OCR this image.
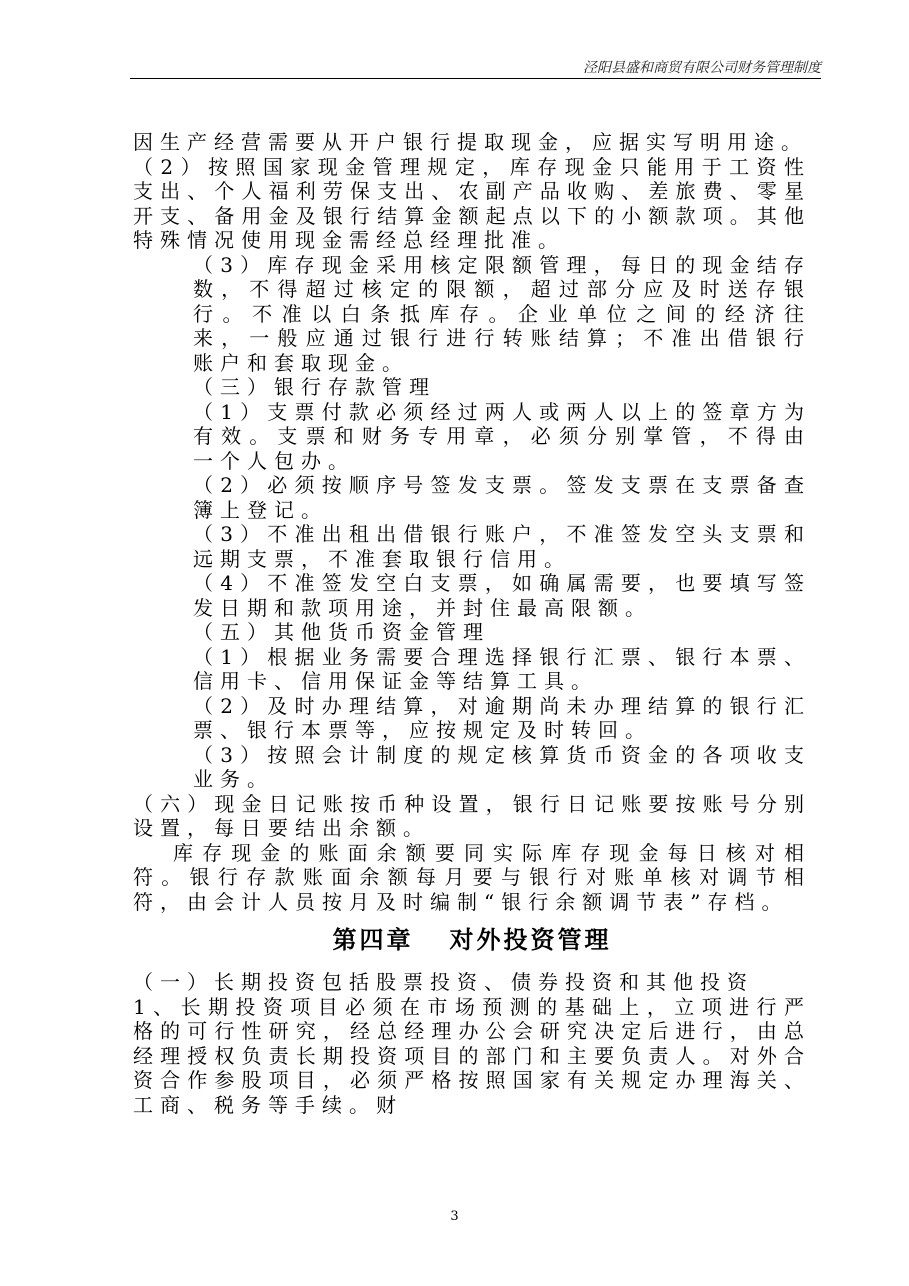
泾阳县盛和商贸有限公司财务管理制度

因生产经营需要从开户银行提取现金，应据实写明用途。

（2）按照国家现金管理规定，库存现金只能用于工资性支出、个人福利劳保支出、农副产品收购、差旅费、零星开支、备用金及银行结算金额起点以下的小额款项。其他特殊情况使用现金需经总经理批准。

（3）库存现金采用核定限额管理，每日的现金结存数，不得超过核定的限额，超过部分应及时送存银行。不准以白条抵库存。企业单位之间的经济往来，一般应通过银行进行转账结算；不准出借银行账户和套取现金。

（三）银行存款管理

（1）支票付款必须经过两人或两人以上的签章方为有效。支票和财务专用章，必须分别掌管，不得由一个人包办。

（2）必须按顺序号签发支票。签发支票在支票备查簿上登记。

（3）不准出租出借银行账户，不准签发空头支票和远期支票，不准套取银行信用。

（4）不准签发空白支票，如确属需要，也要填写签发日期和款项用途，并封住最高限额。

（五）其他货币资金管理

（1）根据业务需要合理选择银行汇票、银行本票、信用卡、信用保证金等结算工具。

（2）及时办理结算，对逾期尚未办理结算的银行汇票、银行本票等，应按规定及时转回。

（3）按照会计制度的规定核算货币资金的各项收支业务。

（六）现金日记账按币种设置，银行日记账要按账号分别设置，每日要结出余额。

库存现金的账面余额要同实际库存现金每日核对相符。银行存款账面余额每月要与银行对账单核对调节相符，由会计人员按月及时编制“银行余额调节表”存档。

第四章 对外投资管理

（一）长期投资包括股票投资、债券投资和其他投资

1、长期投资项目必须在市场预测的基础上，立项进行严格的可行性研究，经总经理办公会研究决定后进行，由总经理授权负责长期投资项目的部门和主要负责人。对外合资合作参股项目，必须严格按照国家有关规定办理海关、工商、税务等手续。财

3
